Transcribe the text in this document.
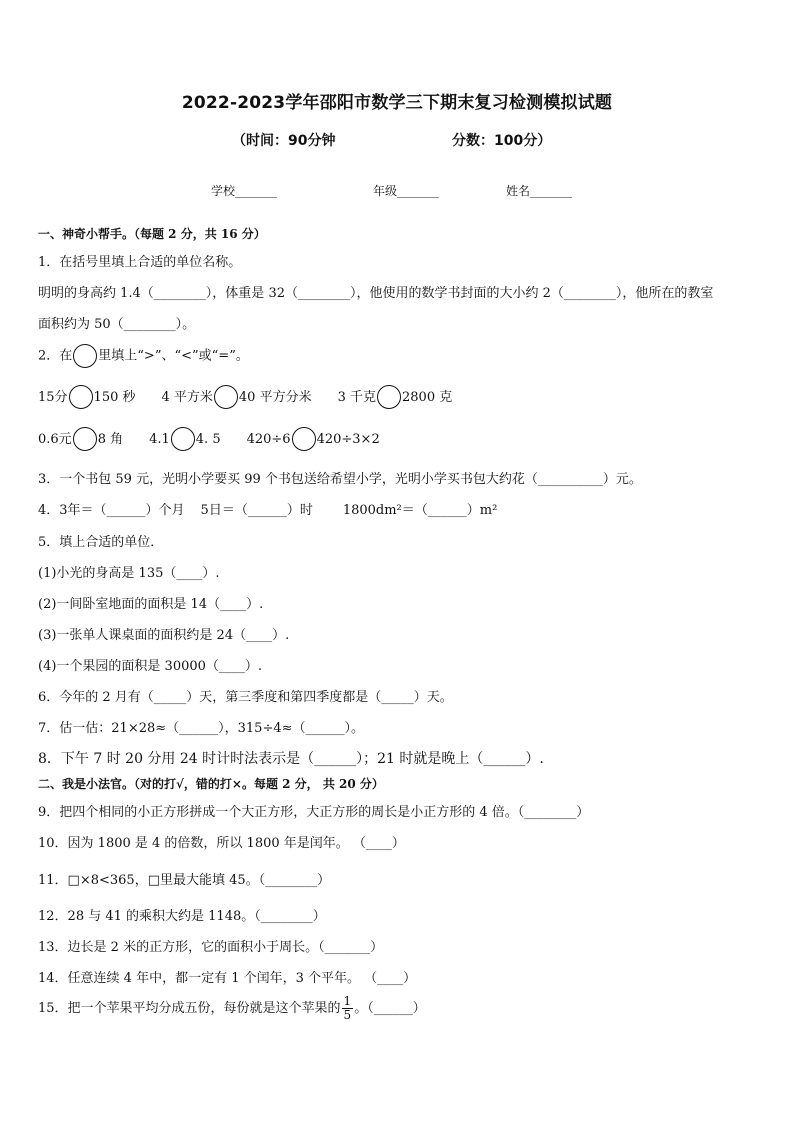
2022-2023学年邵阳市数学三下期末复习检测模拟试题
（时间：90分钟	分数：100分）
学校_______	年级_______	姓名_______
一、神奇小帮手。（每题 2 分，共 16 分）
1．在括号里填上合适的单位名称。
明明的身高约 1.4（________），体重是 32（________），他使用的数学书封面的大小约 2（________），他所在的教室
面积约为 50（________）。
2．在 里填上“>”、“<”或“=”。
15分 150 秒 4 平方米 40 平方分米 3 千克 2800 克
0.6元 8 角 4.1 4. 5 420÷6 420÷3×2
3．一个书包 59 元，光明小学要买 99 个书包送给希望小学，光明小学买书包大约花（__________）元。
4．3年＝（______）个月 5日＝（______）时 1800dm²＝（______）m²
5．填上合适的单位．
(1)小光的身高是 135（____）.
(2)一间卧室地面的面积是 14（____）.
(3)一张单人课桌面的面积约是 24（____）.
(4)一个果园的面积是 30000（____）.
6．今年的 2 月有（_____）天，第三季度和第四季度都是（_____）天。
7．估一估：21×28≈（______），315÷4≈（______）。
8．下午 7 时 20 分用 24 时计时法表示是（______）；21 时就是晚上（______）.
二、我是小法官。（对的打√，错的打×。每题 2 分， 共 20 分）
9．把四个相同的小正方形拼成一个大正方形，大正方形的周长是小正方形的 4 倍。（________）
10．因为 1800 是 4 的倍数，所以 1800 年是闰年。 （____）
11．□×8<365，□里最大能填 45。（________）
12．28 与 41 的乘积大约是 1148。（________）
13．边长是 2 米的正方形，它的面积小于周长。（_______）
14．任意连续 4 年中，都一定有 1 个闰年，3 个平年。 （____）
15．把一个苹果平均分成五份，每份就是这个苹果的 $\frac{1}{5}$ 。（______）
